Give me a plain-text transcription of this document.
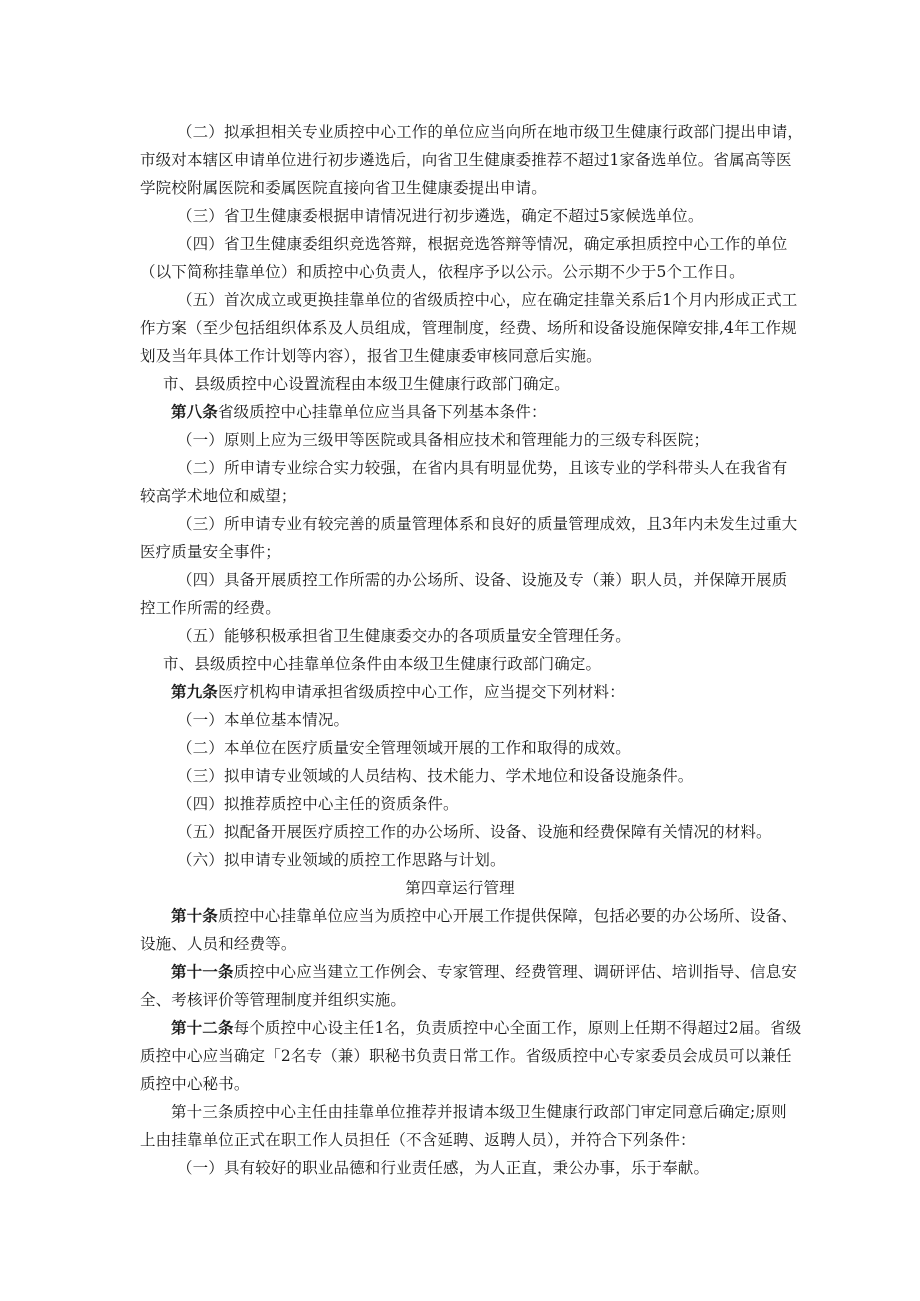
（二）拟承担相关专业质控中心工作的单位应当向所在地市级卫生健康行政部门提出申请，
市级对本辖区申请单位进行初步遴选后，向省卫生健康委推荐不超过1家备选单位。省属高等医
学院校附属医院和委属医院直接向省卫生健康委提出申请。
（三）省卫生健康委根据申请情况进行初步遴选，确定不超过5家候选单位。
（四）省卫生健康委组织竞选答辩，根据竞选答辩等情况，确定承担质控中心工作的单位
（以下简称挂靠单位）和质控中心负责人，依程序予以公示。公示期不少于5个工作日。
（五）首次成立或更换挂靠单位的省级质控中心，应在确定挂靠关系后1个月内形成正式工
作方案（至少包括组织体系及人员组成，管理制度，经费、场所和设备设施保障安排,4年工作规
划及当年具体工作计划等内容），报省卫生健康委审核同意后实施。
市、县级质控中心设置流程由本级卫生健康行政部门确定。
第八条省级质控中心挂靠单位应当具备下列基本条件：
（一）原则上应为三级甲等医院或具备相应技术和管理能力的三级专科医院；
（二）所申请专业综合实力较强，在省内具有明显优势，且该专业的学科带头人在我省有
较高学术地位和威望；
（三）所申请专业有较完善的质量管理体系和良好的质量管理成效，且3年内未发生过重大
医疗质量安全事件；
（四）具备开展质控工作所需的办公场所、设备、设施及专（兼）职人员，并保障开展质
控工作所需的经费。
（五）能够积极承担省卫生健康委交办的各项质量安全管理任务。
市、县级质控中心挂靠单位条件由本级卫生健康行政部门确定。
第九条医疗机构申请承担省级质控中心工作，应当提交下列材料：
（一）本单位基本情况。
（二）本单位在医疗质量安全管理领域开展的工作和取得的成效。
（三）拟申请专业领域的人员结构、技术能力、学术地位和设备设施条件。
（四）拟推荐质控中心主任的资质条件。
（五）拟配备开展医疗质控工作的办公场所、设备、设施和经费保障有关情况的材料。
（六）拟申请专业领域的质控工作思路与计划。
第四章运行管理
第十条质控中心挂靠单位应当为质控中心开展工作提供保障，包括必要的办公场所、设备、
设施、人员和经费等。
第十一条质控中心应当建立工作例会、专家管理、经费管理、调研评估、培训指导、信息安
全、考核评价等管理制度并组织实施。
第十二条每个质控中心设主任1名，负责质控中心全面工作，原则上任期不得超过2届。省级
质控中心应当确定「2名专（兼）职秘书负责日常工作。省级质控中心专家委员会成员可以兼任
质控中心秘书。
第十三条质控中心主任由挂靠单位推荐并报请本级卫生健康行政部门审定同意后确定;原则
上由挂靠单位正式在职工作人员担任（不含延聘、返聘人员），并符合下列条件：
（一）具有较好的职业品德和行业责任感，为人正直，秉公办事，乐于奉献。
